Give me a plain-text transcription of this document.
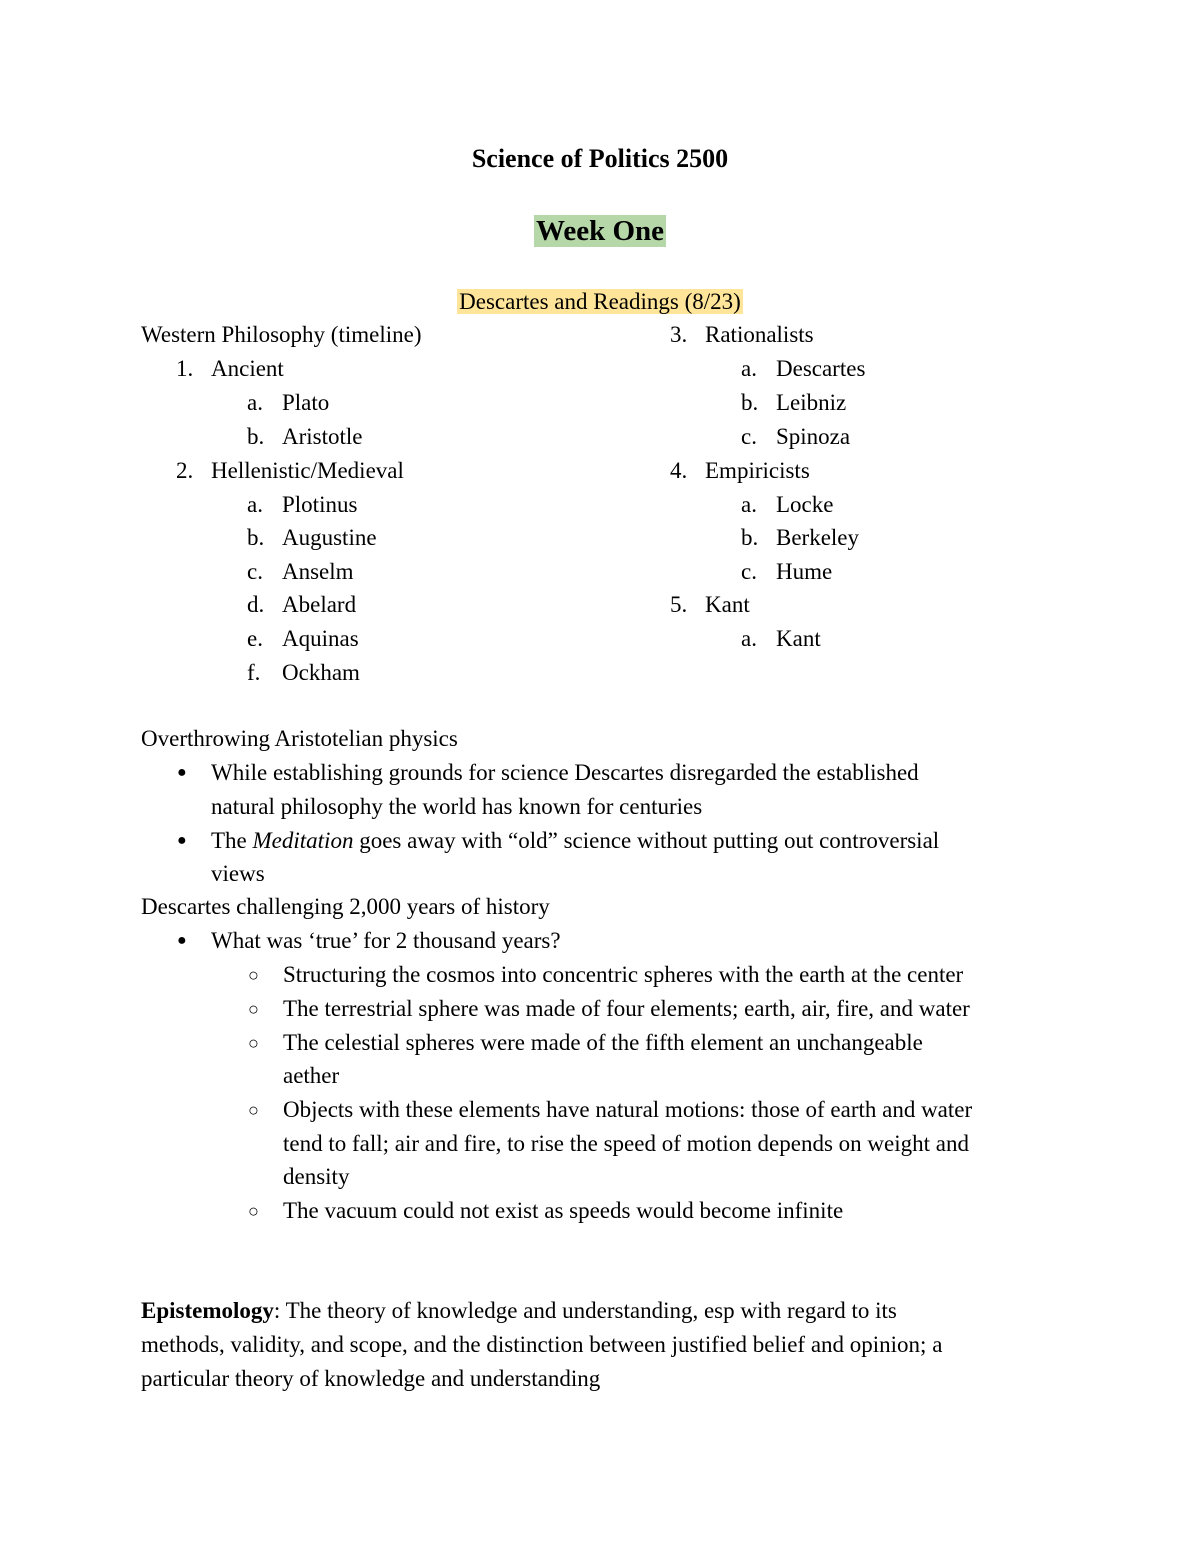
Science of Politics 2500
Week One
Descartes and Readings (8/23)
Western Philosophy (timeline)
1. Ancient
a. Plato
b. Aristotle
2. Hellenistic/Medieval
a. Plotinus
b. Augustine
c. Anselm
d. Abelard
e. Aquinas
f. Ockham
3. Rationalists
a. Descartes
b. Leibniz
c. Spinoza
4. Empiricists
a. Locke
b. Berkeley
c. Hume
5. Kant
a. Kant
Overthrowing Aristotelian physics
● While establishing grounds for science Descartes disregarded the established
natural philosophy the world has known for centuries
● The Meditation goes away with “old” science without putting out controversial
views
Descartes challenging 2,000 years of history
● What was ‘true’ for 2 thousand years?
○ Structuring the cosmos into concentric spheres with the earth at the center
○ The terrestrial sphere was made of four elements; earth, air, fire, and water
○ The celestial spheres were made of the fifth element an unchangeable
aether
○ Objects with these elements have natural motions: those of earth and water
tend to fall; air and fire, to rise the speed of motion depends on weight and
density
○ The vacuum could not exist as speeds would become infinite
Epistemology: The theory of knowledge and understanding, esp with regard to its
methods, validity, and scope, and the distinction between justified belief and opinion; a
particular theory of knowledge and understanding
